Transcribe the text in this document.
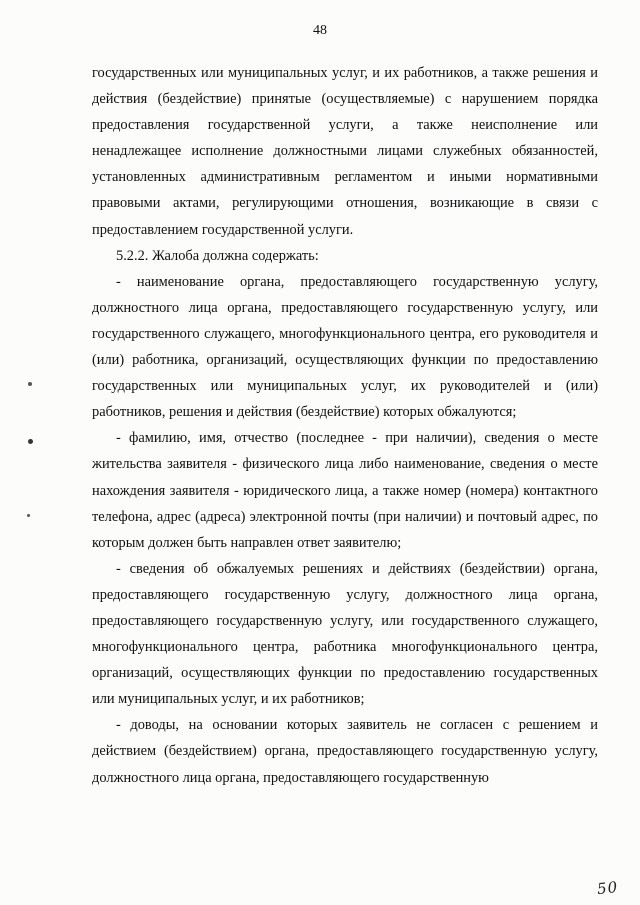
48

государственных или муниципальных услуг, и их работников, а также решения и действия (бездействие) принятые (осуществляемые) с нарушением порядка предоставления государственной услуги, а также неисполнение или ненадлежащее исполнение должностными лицами служебных обязанностей, установленных административным регламентом и иными нормативными правовыми актами, регулирующими отношения, возникающие в связи с предоставлением государственной услуги.

5.2.2. Жалоба должна содержать:

- наименование органа, предоставляющего государственную услугу, должностного лица органа, предоставляющего государственную услугу, или государственного служащего, многофункционального центра, его руководителя и (или) работника, организаций, осуществляющих функции по предоставлению государственных или муниципальных услуг, их руководителей и (или) работников, решения и действия (бездействие) которых обжалуются;

- фамилию, имя, отчество (последнее - при наличии), сведения о месте жительства заявителя - физического лица либо наименование, сведения о месте нахождения заявителя - юридического лица, а также номер (номера) контактного телефона, адрес (адреса) электронной почты (при наличии) и почтовый адрес, по которым должен быть направлен ответ заявителю;

- сведения об обжалуемых решениях и действиях (бездействии) органа, предоставляющего государственную услугу, должностного лица органа, предоставляющего государственную услугу, или государственного служащего, многофункционального центра, работника многофункционального центра, организаций, осуществляющих функции по предоставлению государственных или муниципальных услуг, и их работников;

- доводы, на основании которых заявитель не согласен с решением и действием (бездействием) органа, предоставляющего государственную услугу, должностного лица органа, предоставляющего государственную

50
